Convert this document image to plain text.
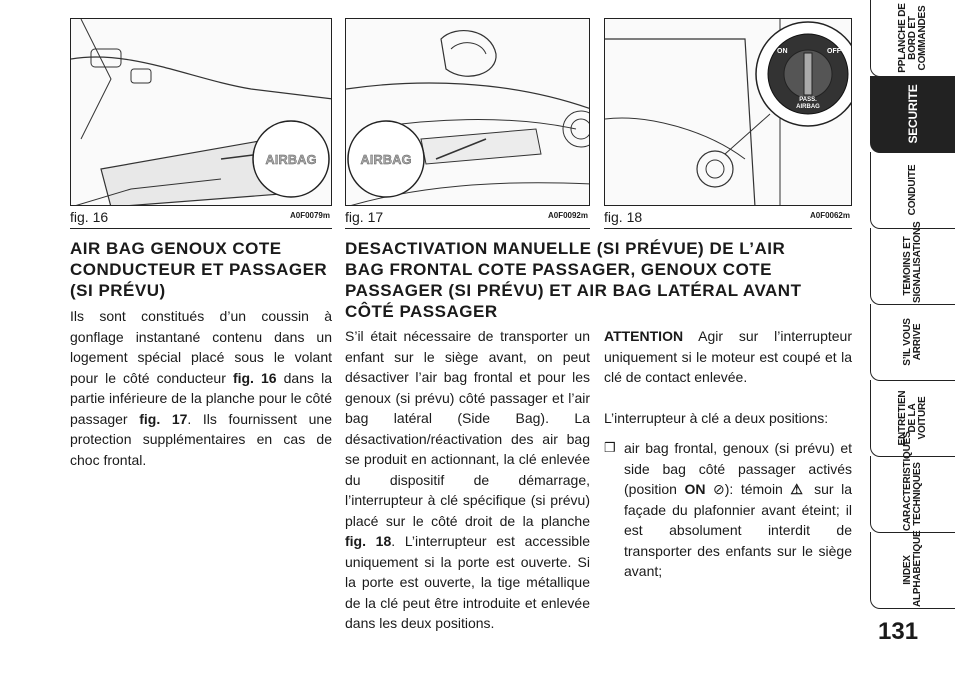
AIRBAG
fig. 16	A0F0079m
AIRBAG
fig. 17	A0F0092m
ON	OFF
PASS.
AIRBAG
fig. 18	A0F0062m
AIR BAG GENOUX COTE CONDUCTEUR ET PASSAGER (SI PRÉVU)

Ils sont constitués d’un coussin à gonflage instantané contenu dans un logement spécial placé sous le volant pour le côté conducteur fig. 16 dans la partie inférieure de la planche pour le côté passager fig. 17. Ils fournissent une protection supplémentaires en cas de choc frontal.

DESACTIVATION MANUELLE (SI PRÉVUE) DE L’AIR BAG FRONTAL COTE PASSAGER, GENOUX COTE PASSAGER (SI PRÉVU) ET AIR BAG LATÉRAL AVANT CÔTÉ PASSAGER

S’il était nécessaire de transporter un enfant sur le siège avant, on peut désactiver l’air bag frontal et pour les genoux (si prévu) côté passager et l’air bag latéral (Side Bag). La désactivation/réactivation des air bag se produit en actionnant, la clé enlevée du dispositif de démarrage, l’interrupteur à clé spécifique (si prévu) placé sur le côté droit de la planche fig. 18. L’interrupteur est accessible uniquement si la porte est ouverte. Si la porte est ouverte, la tige métallique de la clé peut être introduite et enlevée dans les deux positions.

ATTENTION Agir sur l’interrupteur uniquement si le moteur est coupé et la clé de contact enlevée.

L’interrupteur à clé a deux positions:

❒ air bag frontal, genoux (si prévu) et side bag côté passager activés (position ON ⊘): témoin ⚠ sur la façade du plafonnier avant éteint; il est absolument interdit de transporter des enfants sur le siège avant;

PPLANCHE DE
BORD ET
COMMANDES
SECURITE
CONDUITE
TEMOINS ET
SIGNALISATIONS
S’IL VOUS
ARRIVE
ENTRETIEN
DE LA VOITURE
CARACTERISTIQUES
TECHNIQUES
INDEX
ALPHABETIQUE
131
